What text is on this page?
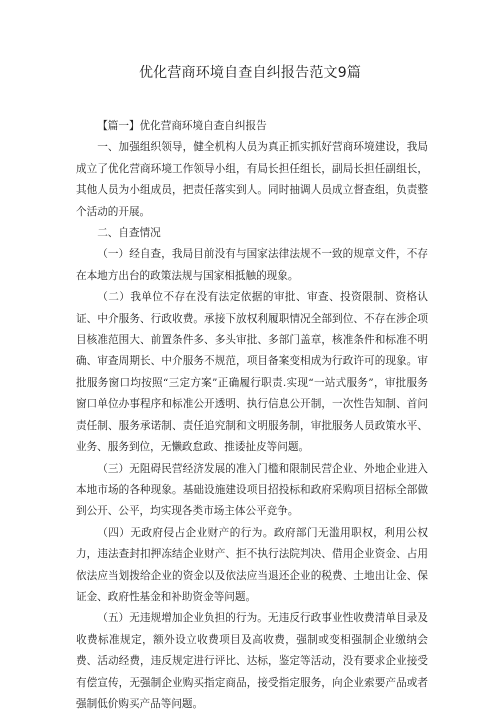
优化营商环境自查自纠报告范文9篇

【篇一】优化营商环境自查自纠报告

一、加强组织领导，健全机构人员为真正抓实抓好营商环境建设，我局成立了优化营商环境工作领导小组，有局长担任组长，副局长担任副组长，其他人员为小组成员，把责任落实到人。同时抽调人员成立督查组，负责整个活动的开展。

二、自查情况

（一）经自查，我局目前没有与国家法律法规不一致的规章文件，不存在本地方出台的政策法规与国家相抵触的现象。

（二）我单位不存在没有法定依据的审批、审查、投资限制、资格认证、中介服务、行政收费。承接下放权利履职情况全部到位、不存在涉企项目核准范围大、前置条件多、多头审批、多部门盖章，核准条件和标准不明确、审查周期长、中介服务不规范，项目备案变相成为行政许可的现象。审批服务窗口均按照“三定方案”正确履行职责.实现“一站式服务”，审批服务窗口单位办事程序和标准公开透明、执行信息公开制，一次性告知制、首问责任制、服务承诺制、责任追究制和文明服务制，审批服务人员政策水平、业务、服务到位，无懒政怠政、推诿扯皮等问题。

（三）无阻碍民营经济发展的准入门槛和限制民营企业、外地企业进入本地市场的各种现象。基础设施建设项目招投标和政府采购项目招标全部做到公开、公平，均实现各类市场主体公平竞争。

（四）无政府侵占企业财产的行为。政府部门无滥用职权，利用公权力，违法查封扣押冻结企业财产、拒不执行法院判决、借用企业资金、占用依法应当划拨给企业的资金以及依法应当退还企业的税费、土地出让金、保证金、政府性基金和补助资金等问题。

（五）无违规增加企业负担的行为。无违反行政事业性收费清单目录及收费标准规定，额外设立收费项目及高收费，强制或变相强制企业缴纳会费、活动经费，违反规定进行评比、达标，鉴定等活动，没有要求企业接受有偿宣传，无强制企业购买指定商品，接受指定服务，向企业索要产品或者强制低价购买产品等问题。
